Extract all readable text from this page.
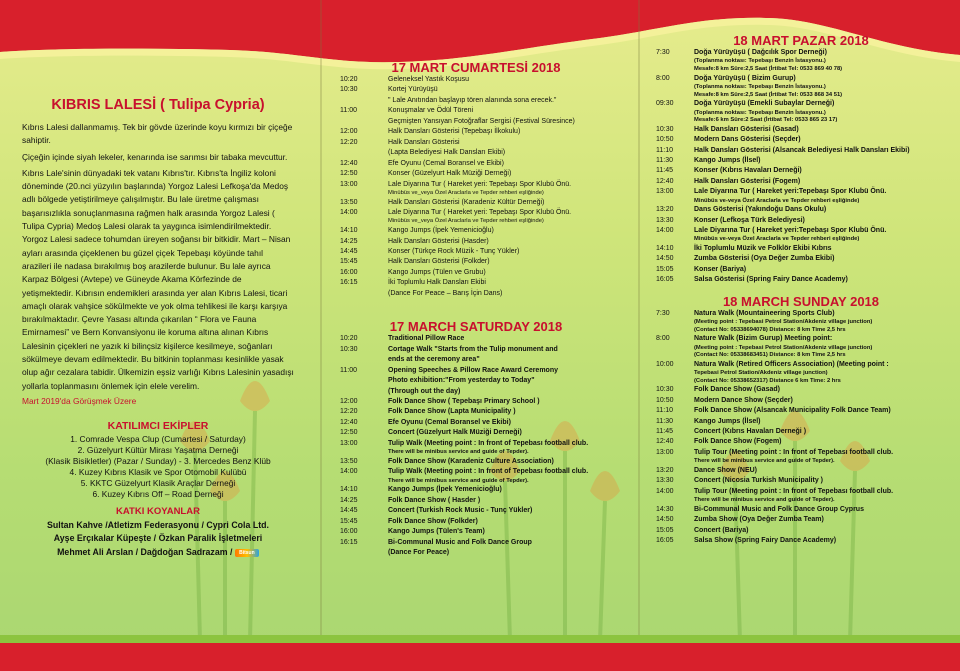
KIBRIS LALESİ ( Tulipa Cypria)

Kıbrıs Lalesi dallanmamış. Tek bir gövde üzerinde koyu kırmızı bir çiçeğe sahiptir.

Çiçeğin içinde siyah lekeler, kenarında ise sarımsı bir tabaka mevcuttur.

Kıbrıs Lale'sinin dünyadaki tek vatanı Kıbrıs'tır. Kıbrıs'ta İngiliz koloni döneminde (20.nci yüzyılın başlarında) Yorgoz Lalesi Lefkoşa'da Medoş adlı bölgede yetiştirilmeye çalışılmıştır. Bu lale üretme çalışması başarısızlıkla sonuçlanmasına rağmen halk arasında Yorgoz Lalesi ( Tulipa Cypria) Medoş Lalesi olarak ta yaygınca isimlendirilmektedir. Yorgoz Lalesi sadece tohumdan üreyen soğansı bir bitkidir. Mart – Nisan ayları arasında çiçeklenen bu güzel çiçek Tepebaşı köyünde tahıl arazileri ile nadasa bırakılmış boş arazilerde bulunur. Bu lale ayrıca Karpaz Bölgesi (Avtepe) ve Güneyde Akama Körfezinde de yetişmektedir. Kıbrısın endemikleri arasında yer alan Kıbrıs Lalesi, ticari amaçlı olarak vahşice sökülmekte ve yok olma tehlikesi ile karşı karşıya bırakılmaktadır. Çevre Yasası altında çıkarılan “ Flora ve Fauna Emirnamesi” ve Bern Konvansiyonu ile koruma altına alınan Kıbrıs Lalesinin çiçekleri ne yazık ki bilinçsiz kişilerce kesilmeye, soğanları sökülmeye devam edilmektedir. Bu bitkinin toplanması kesinlikle yasak olup ağır cezalara tabidir. Ülkemizin eşsiz varlığı Kıbrıs Lalesinin yasadışı yollarla toplanmasını önlemek için elele verelim.

Mart 2019'da Görüşmek Üzere
KATILIMCI EKİPLER
1. Comrade Vespa Clup (Cumartesi / Saturday)
2. Güzelyurt Kültür Mirası Yaşatma Derneği
(Klasik Bisikletler) (Pazar / Sunday) - 3. Mercedes Benz Klüb
4. Kuzey Kıbrıs Klasik ve Spor Otomobil Kulübü
5. KKTC Güzelyurt Klasik Araçlar Derneği
6. Kuzey Kıbrıs Off – Road Derneği
KATKI KOYANLAR
Sultan Kahve /Atletizm Federasyonu / Cypri Cola Ltd.
Ayşe Erçıkalar Küpeşte / Özkan Paralik İşletmeleri
Mehmet Ali Arslan / Dağdoğan Sadrazam / Bitsun
17 MART CUMARTESİ 2018
10:20	Geleneksel Yastık Koşusu
10:30	Kortej Yürüyüşü
" Lale Anıtından başlayıp tören alanında sona erecek."
11:00	Konuşmalar ve Ödül Töreni
Geçmişten Yansıyan Fotoğraflar Sergisi (Festival Süresince)
12:00	Halk Dansları Gösterisi (Tepebaşı İlkokulu)
12:20	Halk Dansları Gösterisi
(Lapta Belediyesi Halk Dansları Ekibi)
12:40	Efe Oyunu (Cemal Boransel ve Ekibi)
12:50	Konser (Güzelyurt Halk Müziği Derneği)
13:00	Lale Diyarına Tur ( Hareket yeri: Tepebaşı Spor Klubü Önü.
Minübüs ve_veya Özel Araclarla ve Tepder rehberi eşliğinde)
13:50	Halk Dansları Gösterisi (Karadeniz Kültür Derneği)
14:00	Lale Diyarına Tur ( Hareket yeri: Tepebaşı Spor Klubü Önü.
Minübüs ve_veya Özel Araclarla ve Tepder rehberi eşliğinde)
14:10	Kango Jumps (İpek Yemenicioğlu)
14:25	Halk Dansları Gösterisi (Hasder)
14:45	Konser (Türkçe Rock Müzik - Tunç Yükler)
15:45	Halk Dansları Gösterisi (Folkder)
16:00	Kango Jumps (Tülen ve Grubu)
16:15	İki Toplumlu Halk Dansları Ekibi
(Dance For Peace – Barış İçin Dans)
17 MARCH SATURDAY 2018
10:20	Traditional Pillow Race
10:30	Cortage Walk "Starts from the Tulip monument and
ends at the ceremony area"
11:00	Opening Speeches & Pillow Race Award Ceremony
Photo exhibition:"From yesterday to Today"
(Through out the day)
12:00	Folk Dance Show ( Tepebaşı Primary School )
12:20	Folk Dance Show (Lapta Municipality )
12:40	Efe Oyunu (Cemal Boransel ve Ekibi)
12:50	Concert (Güzelyurt Halk Müziği Derneği)
13:00	Tulip Walk (Meeting point : In front of Tepebası football club.
There will be minibus service and guide of Tepder).
13:50	Folk Dance Show (Karadeniz Culture Association)
14:00	Tulip Walk (Meeting point : In front of Tepebası football club.
There will be minibus service and guide of Tepder).
14:10	Kango Jumps (İpek Yemenicioğlu)
14:25	Folk Dance Show ( Hasder )
14:45	Concert (Turkish Rock Music - Tunç Yükler)
15:45	Folk Dance Show (Folkder)
16:00	Kango Jumps (Tülen's Team)
16:15	Bi-Communal Music and Folk Dance Group
(Dance For Peace)
18 MART PAZAR 2018
7:30	Doğa Yürüyüşü ( Dağcılık Spor Derneği)
(Toplanma noktası: Tepebaşı Benzin İstasyonu.)
Mesafe:8 km Süre:2,5 Saat (İrtibat Tel: 0533 869 40 78)
8:00	Doğa Yürüyüşü ( Bizim Gurup)
(Toplanma noktası: Tepebaşı Benzin İstasyonu.)
Mesafe:8 km Süre:2,5 Saat (İrtibat Tel: 0533 868 34 51)
09:30	Doğa Yürüyüşü (Emekli Subaylar Derneği)
(Toplanma noktası: Tepebaşı Benzin İstasyonu.)
Mesafe:6 km Süre:2 Saat (İrtibat Tel: 0533 865 23 17)
10:30	Halk Dansları Gösterisi (Gasad)
10:50	Modern Dans Gösterisi (Seçder)
11:10	Halk Dansları Gösterisi (Alsancak Belediyesi Halk Dansları Ekibi)
11:30	Kango Jumps (İlsel)
11:45	Konser (Kıbrıs Havaları Derneği)
12:40	Halk Dansları Gösterisi (Fogem)
13:00	Lale Diyarına Tur ( Hareket yeri:Tepebaşı Spor Klubü Önü.
Minübüs ve-veya Özel Araclarla ve Tepder rehberi eşliğinde)
13:20	Dans Gösterisi (Yakındoğu Dans Okulu)
13:30	Konser (Lefkoşa Türk Belediyesi)
14:00	Lale Diyarına Tur ( Hareket yeri:Tepebaşı Spor Klubü Önü.
Minübüs ve-veya Özel Araclarla ve Tepder rehberi eşliğinde)
14:10	İki Toplumlu Müzik ve Folklör Ekibi Kıbrıs
14:50	Zumba Gösterisi (Oya Değer Zumba Ekibi)
15:05	Konser (Bariya)
16:05	Salsa Gösterisi (Spring Fairy Dance Academy)
18 MARCH SUNDAY 2018
7:30	Natura Walk (Mountaineering Sports Club)
(Meeting point : Tepebasi Petrol Station/Akdeniz village junction)
(Contact No: 05338694078) Distance: 8 km Time 2,5 hrs
8:00	Nature Walk (Bizim Gurup) Meeting point:
(Meeting point : Tepebasi Petrol Station/Akdeniz village junction)
(Contact No: 05338683451) Distance: 8 km Time 2,5 hrs
10:00	Natura Walk (Retired Officers Association) (Meeting point :
Tepebasi Petrol Station/Akdeniz village junction)
(Contact No: 05338652317) Distance 6 km Time: 2 hrs
10:30	Folk Dance Show (Gasad)
10:50	Modern Dance Show (Seçder)
11:10	Folk Dance Show (Alsancak Municipality Folk Dance Team)
11:30	Kango Jumps (İlsel)
11:45	Concert (Kıbrıs Havaları Derneği )
12:40	Folk Dance Show (Fogem)
13:00	Tulip Tour (Meeting point : In front of Tepebası football club.
There will be minibus service and guide of Tepder).
13:20	Dance Show (NEU)
13:30	Concert (Nicosia Turkish Municipality )
14:00	Tulip Tour (Meeting point : In front of Tepebası football club.
There will be minibus service and guide of Tepder).
14:30	Bi-Communal Music and Folk Dance Group Cyprus
14:50	Zumba Show (Oya Değer Zumba Team)
15:05	Concert (Bariya)
16:05	Salsa Show (Spring Fairy Dance Academy)
